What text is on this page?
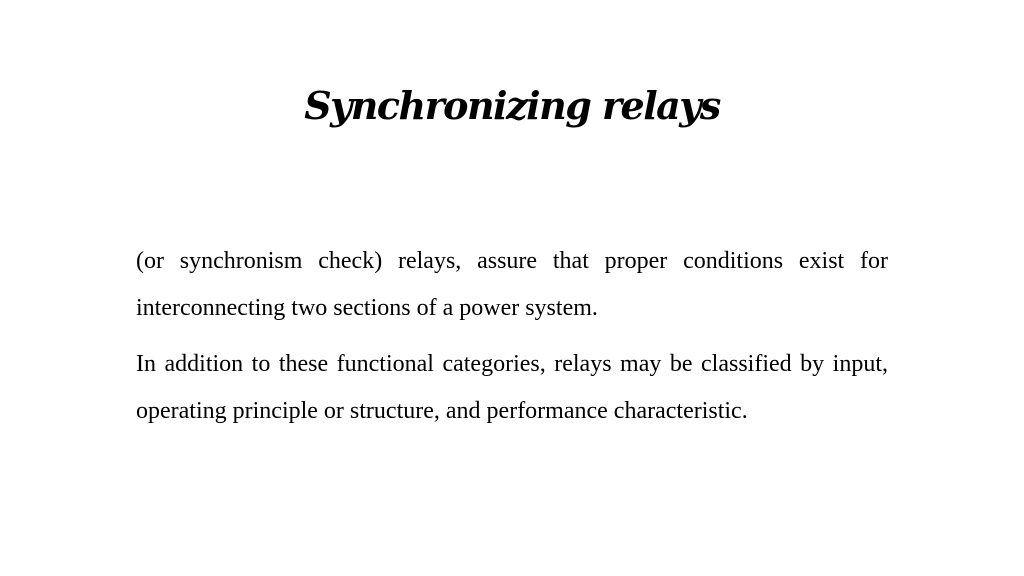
Synchronizing relays

(or synchronism check) relays, assure that proper conditions exist for interconnecting two sections of a power system.

In addition to these functional categories, relays may be classified by input, operating principle or structure, and performance characteristic.
